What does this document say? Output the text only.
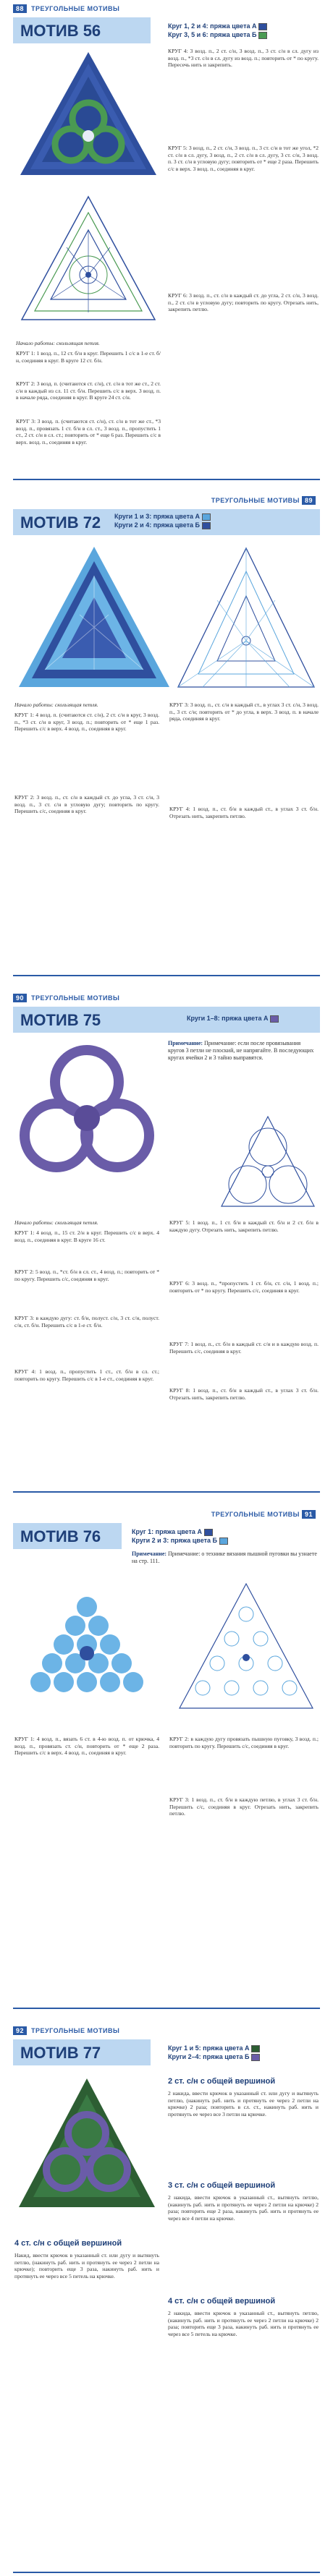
88 ТРЕУГОЛЬНЫЕ МОТИВЫ
МОТИВ 56	Круг 1, 2 и 4: пряжа цвета А
Круг 3, 5 и 6: пряжа цвета Б
Начало работы: скользящая петля.
КРУГ 1: 1 возд. п., 12 ст. б/н в круг. Перешить 1 с/с в 1-е ст. б/н, соединяя в круг. В круге 12 ст. б/н.
КРУГ 2: 3 возд. п. (считаются ст. с/н), ст. с/н в тот же ст., 2 ст. с/н в каждый из сл. 11 ст. б/н. Перешить с/с в верх. 3 возд. п. в начале ряда, соединяя в круг. В круге 24 ст. с/н.
КРУГ 3: 3 возд. п. (считаются ст. с/н), ст. с/н в тот же ст., *3 возд. п., провязать 1 ст. б/н в сл. ст., 3 возд. п., пропустить 1 ст., 2 ст. с/н в сл. ст.; повторить от * еще 6 раз. Перешить с/с в верх. возд. п., соединяя в круг.
КРУГ 4: 3 возд. п., 2 ст. с/н, 3 возд. п., 3 ст. с/н в сл. дугу из возд. п., *3 ст. с/н в сл. дугу из возд. п.; повторить от * по кругу. Пересечь нить и закрепить.
КРУГ 5: 3 возд. п., 2 ст. с/н, 3 возд. п., 3 ст. с/н в тот же угол, *2 ст. с/н в сл. дугу, 3 возд. п., 2 ст. с/н в сл. дугу, 3 ст. с/н, 3 возд. п. 3 ст. с/н в угловую дугу; повторить от * еще 2 раза. Перешить с/с в верх. 3 возд. п., соединяя в круг.
КРУГ 6: 3 возд. п., ст. с/н в каждый ст. до угла, 2 ст. с/н, 3 возд. п., 2 ст. с/н в угловую дугу; повторить по кругу. Отрезать нить, закрепить петлю.
ТРЕУГОЛЬНЫЕ МОТИВЫ 89
МОТИВ 72 Круги 1 и 3: пряжа цвета А
Круги 2 и 4: пряжа цвета Б
Начало работы: скользящая петля.
КРУГ 1: 4 возд. п. (считаются ст. с/н), 2 ст. с/н в круг, 3 возд. п., *3 ст. с/н в круг, 3 возд. п.; повторить от * еще 1 раз. Перешить с/с в верх. 4 возд. п., соединяя в круг.
КРУГ 2: 3 возд. п., ст. с/н в каждый ст. до угла, 3 ст. с/н, 3 возд. п., 3 ст. с/н в угловую дугу; повторить по кругу. Перешить с/с, соединяя в круг.
КРУГ 3: 3 возд. п., ст. с/н в каждый ст., в углах 3 ст. с/н, 3 возд. п., 3 ст. с/н; повторить от * до угла, в верх. 3 возд. п. в начале ряда, соединяя в круг.
КРУГ 4: 1 возд. п., ст. б/н в каждый ст., в углах 3 ст. б/н. Отрезать нить, закрепить петлю.
90 ТРЕУГОЛЬНЫЕ МОТИВЫ
МОТИВ 75	Круги 1–8: пряжа цвета А
Примечание: Примечание: если после провязывания кругов 3 петли не плоский, не напрягайте. В последующих кругах ячейки 2 и 3 тайно выправятся.
Начало работы: скользящая петля.
КРУГ 1: 4 возд. п., 15 ст. 2/н в круг. Перешить с/с в верх. 4 возд. п., соединяя в круг. В круге 16 ст.
КРУГ 2: 5 возд. п., *ст. б/н в сл. ст., 4 возд. п.; повторить от * по кругу. Перешить с/с, соединяя в круг.
КРУГ 3: в каждую дугу: ст. б/н, полуст. с/н, 3 ст. с/н, полуст. с/н, ст. б/н. Перешить с/с в 1-е ст. б/н.
КРУГ 4: 1 возд. п., пропустить 1 ст., ст. б/н в сл. ст.; повторить по кругу. Перешить с/с в 1-е ст., соединяя в круг.
КРУГ 5: 1 возд. п., 1 ст. б/н в каждый ст. б/н и 2 ст. б/н в каждую дугу. Отрезать нить, закрепить петлю.
КРУГ 6: 3 возд. п., *пропустить 1 ст. б/н, ст. с/н, 1 возд. п.; повторить от * по кругу. Перешить с/с, соединяя в круг.
КРУГ 7: 1 возд. п., ст. б/н в каждый ст. с/н и в каждую возд. п. Перешить с/с, соединяя в круг.
КРУГ 8: 1 возд. п., ст. б/н в каждый ст., в углах 3 ст. б/н. Отрезать нить, закрепить петлю.
ТРЕУГОЛЬНЫЕ МОТИВЫ 91
МОТИВ 76	Круг 1: пряжа цвета А
Круги 2 и 3: пряжа цвета Б
Примечание: Примечание: о технике вязания пышной пуговки вы узнаете на стр. 111.
КРУГ 1: 4 возд. п., вязать 6 ст. в 4-ю возд. п. от крючка, 4 возд. п., провязать ст. с/н, повторить от * еще 2 раза. Перешить с/с в верх. 4 возд. п., соединяя в круг.
КРУГ 2: в каждую дугу провязать пышную пуговку, 3 возд. п.; повторить по кругу. Перешить с/с, соединяя в круг.
КРУГ 3: 1 возд. п., ст. б/н в каждую петлю, в углах 3 ст. б/н. Перешить с/с, соединяя в круг. Отрезать нить, закрепить петлю.
92 ТРЕУГОЛЬНЫЕ МОТИВЫ
МОТИВ 77	Круг 1 и 5: пряжа цвета А
Круги 2–4: пряжа цвета Б
2 ст. с/н с общей вершиной
2 накида, ввести крючок в указанный ст. или дугу и вытянуть петлю, (накинуть раб. нить и протянуть ее через 2 петли на крючке) 2 раза; повторить в сл. ст., накинуть раб. нить и протянуть ее через все 3 петли на крючке.
3 ст. с/н с общей вершиной
2 накида, ввести крючок в указанный ст., вытянуть петлю, (накинуть раб. нить и протянуть ее через 2 петли на крючке) 2 раза; повторить еще 2 раза, накинуть раб. нить и протянуть ее через все 4 петли на крючке.
4 ст. с/н с общей вершиной
Накид, ввести крючок в указанный ст. или дугу и вытянуть петлю, (накинуть раб. нить и протянуть ее через 2 петли на крючке); повторить еще 3 раза, накинуть раб. нить и протянуть ее через все 5 петель на крючке.
4 ст. с/н с общей вершиной
2 накида, ввести крючок в указанный ст., вытянуть петлю, (накинуть раб. нить и протянуть ее через 2 петли на крючке) 2 раза; повторить еще 3 раза, накинуть раб. нить и протянуть ее через все 5 петель на крючке.
